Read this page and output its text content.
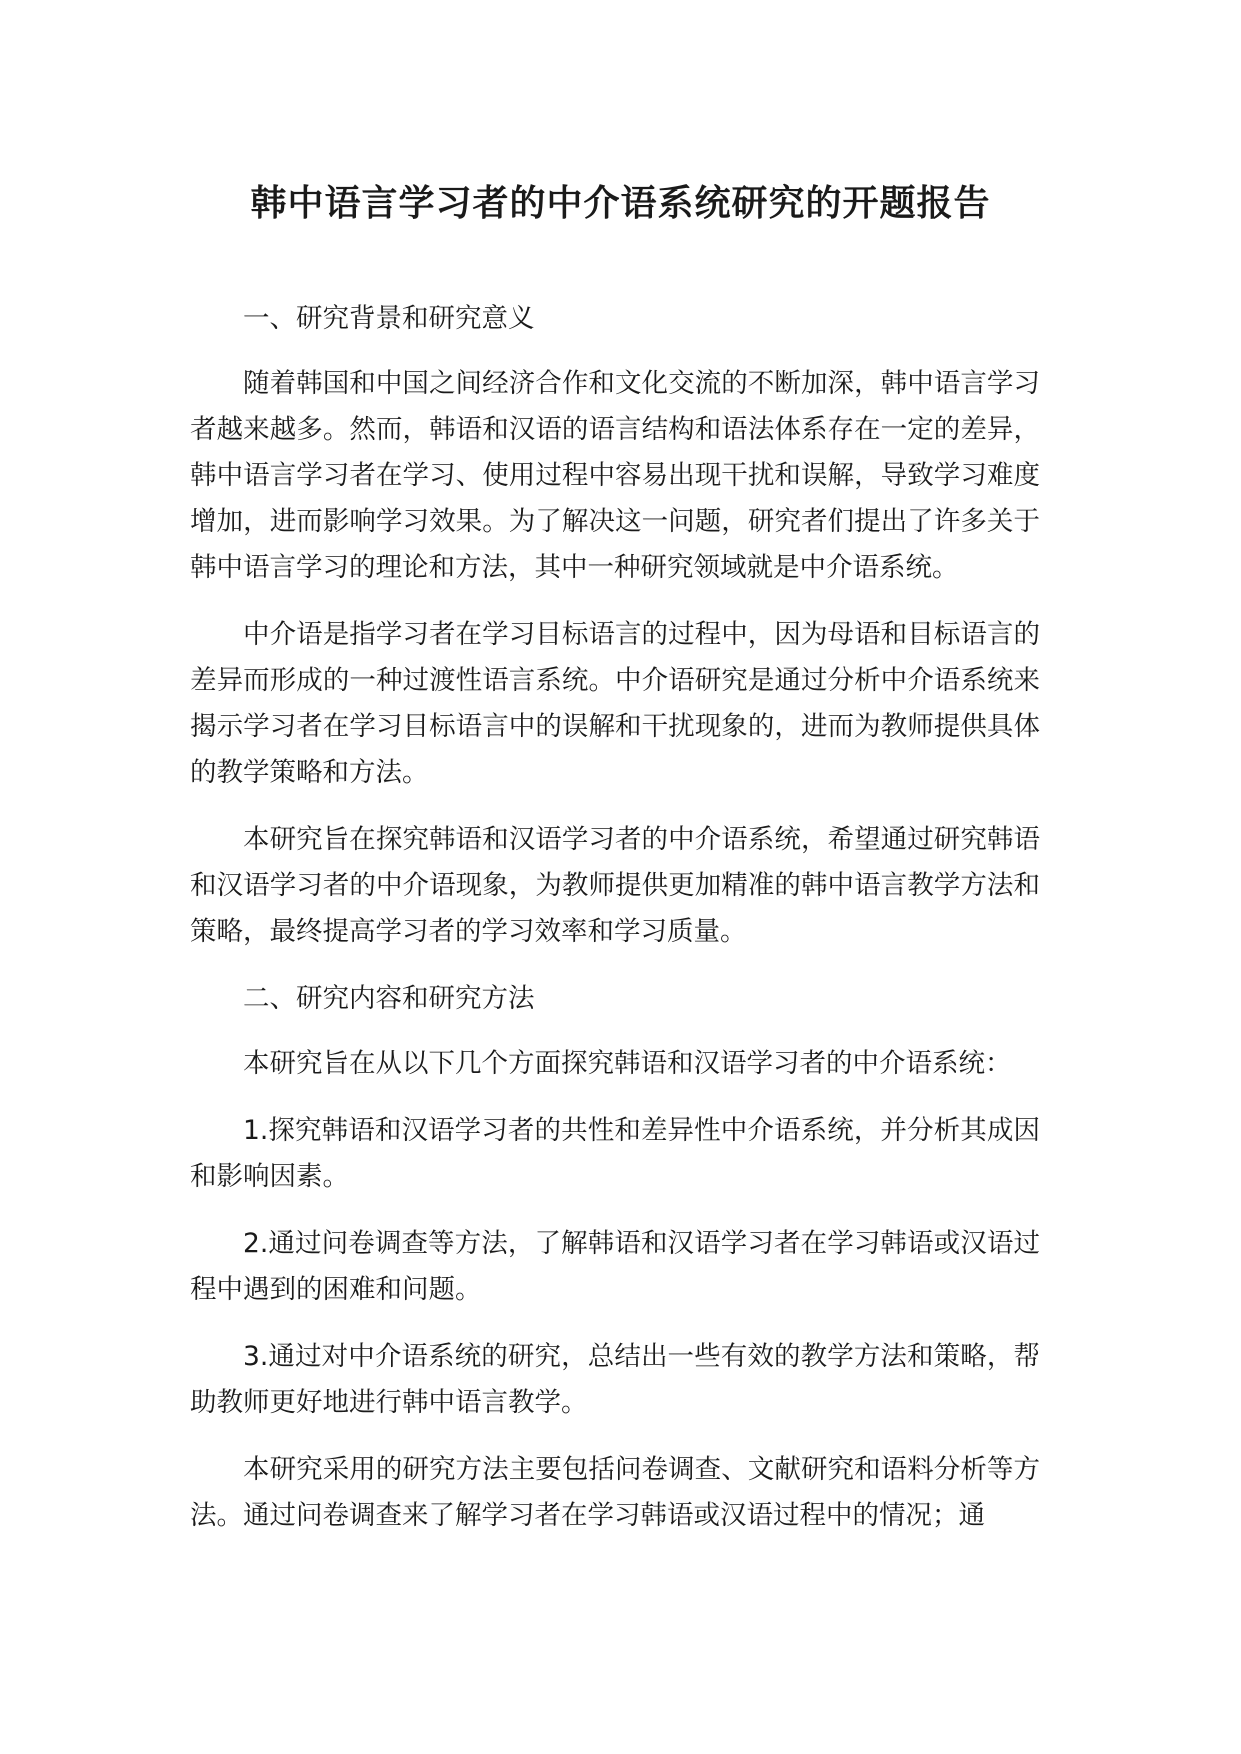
韩中语言学习者的中介语系统研究的开题报告

一、研究背景和研究意义

随着韩国和中国之间经济合作和文化交流的不断加深，韩中语言学习者越来越多。然而，韩语和汉语的语言结构和语法体系存在一定的差异，韩中语言学习者在学习、使用过程中容易出现干扰和误解，导致学习难度增加，进而影响学习效果。为了解决这一问题，研究者们提出了许多关于韩中语言学习的理论和方法，其中一种研究领域就是中介语系统。

中介语是指学习者在学习目标语言的过程中，因为母语和目标语言的差异而形成的一种过渡性语言系统。中介语研究是通过分析中介语系统来揭示学习者在学习目标语言中的误解和干扰现象的，进而为教师提供具体的教学策略和方法。

本研究旨在探究韩语和汉语学习者的中介语系统，希望通过研究韩语和汉语学习者的中介语现象，为教师提供更加精准的韩中语言教学方法和策略，最终提高学习者的学习效率和学习质量。

二、研究内容和研究方法

本研究旨在从以下几个方面探究韩语和汉语学习者的中介语系统：

1.探究韩语和汉语学习者的共性和差异性中介语系统，并分析其成因和影响因素。

2.通过问卷调查等方法，了解韩语和汉语学习者在学习韩语或汉语过程中遇到的困难和问题。

3.通过对中介语系统的研究，总结出一些有效的教学方法和策略，帮助教师更好地进行韩中语言教学。

本研究采用的研究方法主要包括问卷调查、文献研究和语料分析等方法。通过问卷调查来了解学习者在学习韩语或汉语过程中的情况；通
